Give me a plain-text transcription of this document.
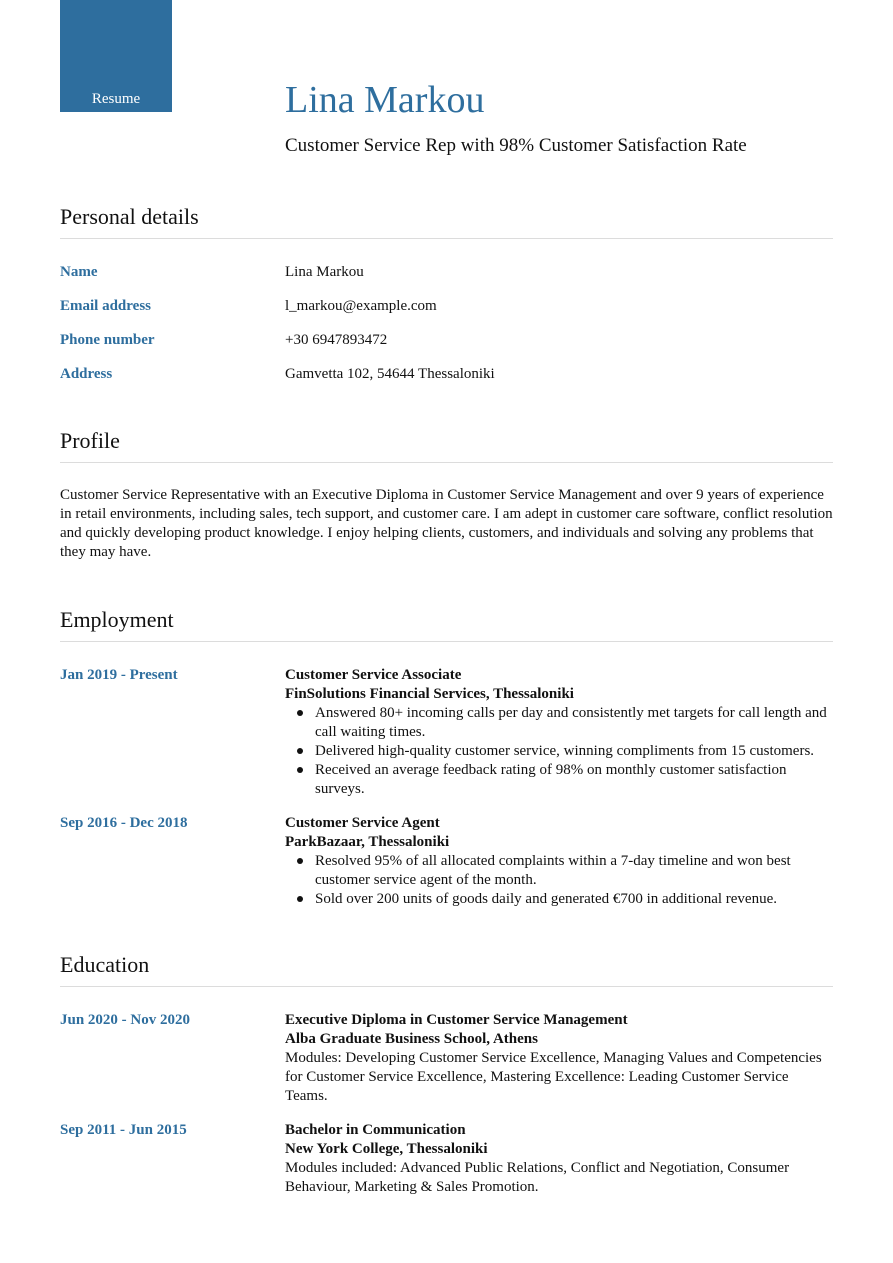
Resume	Lina Markou
Customer Service Rep with 98% Customer Satisfaction Rate
Personal details
Name	Lina Markou
Email address	l_markou@example.com
Phone number	+30 6947893472
Address	Gamvetta 102, 54644 Thessaloniki
Profile
Customer Service Representative with an Executive Diploma in Customer Service Management and over 9 years of experience in retail environments, including sales, tech support, and customer care. I am adept in customer care software, conflict resolution and quickly developing product knowledge. I enjoy helping clients, customers, and individuals and solving any problems that they may have.
Employment
Jan 2019 - Present	Customer Service Associate
FinSolutions Financial Services, Thessaloniki
Answered 80+ incoming calls per day and consistently met targets for call length and call waiting times.
Delivered high-quality customer service, winning compliments from 15 customers.
Received an average feedback rating of 98% on monthly customer satisfaction surveys.
Sep 2016 - Dec 2018	Customer Service Agent
ParkBazaar, Thessaloniki
Resolved 95% of all allocated complaints within a 7-day timeline and won best customer service agent of the month.
Sold over 200 units of goods daily and generated €700 in additional revenue.
Education
Jun 2020 - Nov 2020	Executive Diploma in Customer Service Management
Alba Graduate Business School, Athens
Modules: Developing Customer Service Excellence, Managing Values and Competencies for Customer Service Excellence, Mastering Excellence: Leading Customer Service Teams.
Sep 2011 - Jun 2015	Bachelor in Communication
New York College, Thessaloniki
Modules included: Advanced Public Relations, Conflict and Negotiation, Consumer Behaviour, Marketing & Sales Promotion.
